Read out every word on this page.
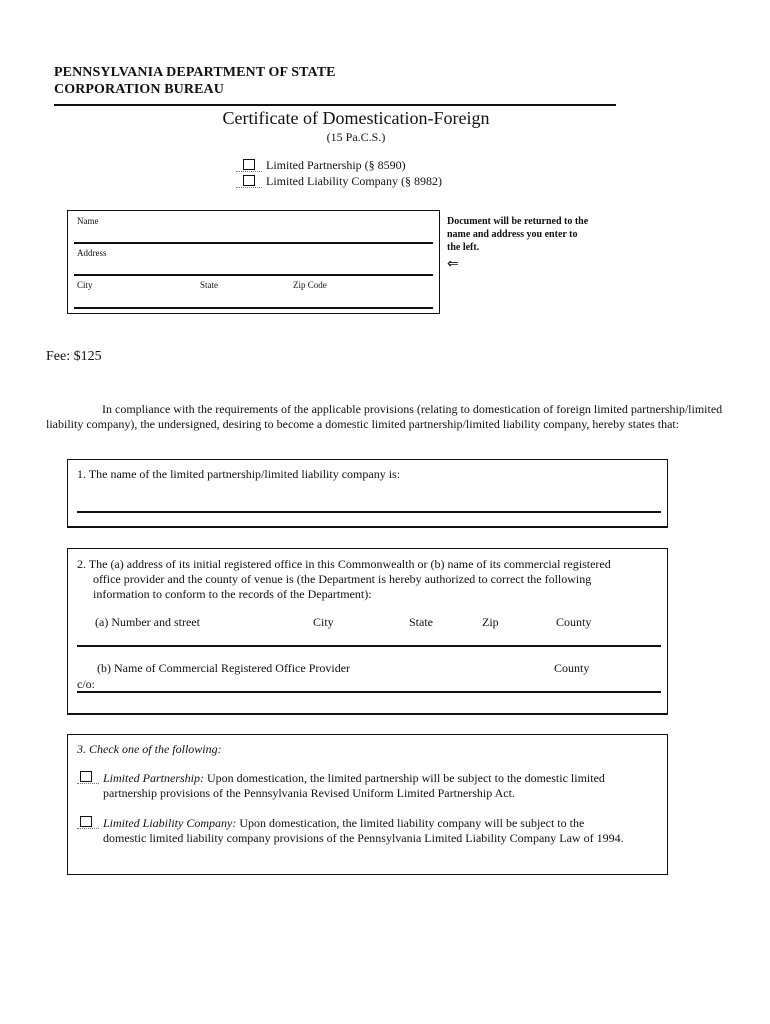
PENNSYLVANIA DEPARTMENT OF STATE
CORPORATION BUREAU
Certificate of Domestication-Foreign
(15 Pa.C.S.)
Limited Partnership (§ 8590)
Limited Liability Company (§ 8982)
Name
Address
City	State	Zip Code
Document will be returned to the
name and address you enter to
the left.
⇐
Fee: $125
In compliance with the requirements of the applicable provisions (relating to domestication of foreign limited partnership/limited liability company), the undersigned, desiring to become a domestic limited partnership/limited liability company, hereby states that:
1. The name of the limited partnership/limited liability company is:
2. The (a) address of its initial registered office in this Commonwealth or (b) name of its commercial registered
office provider and the county of venue is (the Department is hereby authorized to correct the following
information to conform to the records of the Department):
(a) Number and street	City	State	Zip	County
(b) Name of Commercial Registered Office Provider	County
c/o:
3. Check one of the following:
Limited Partnership: Upon domestication, the limited partnership will be subject to the domestic limited
partnership provisions of the Pennsylvania Revised Uniform Limited Partnership Act.
Limited Liability Company: Upon domestication, the limited liability company will be subject to the
domestic limited liability company provisions of the Pennsylvania Limited Liability Company Law of 1994.
